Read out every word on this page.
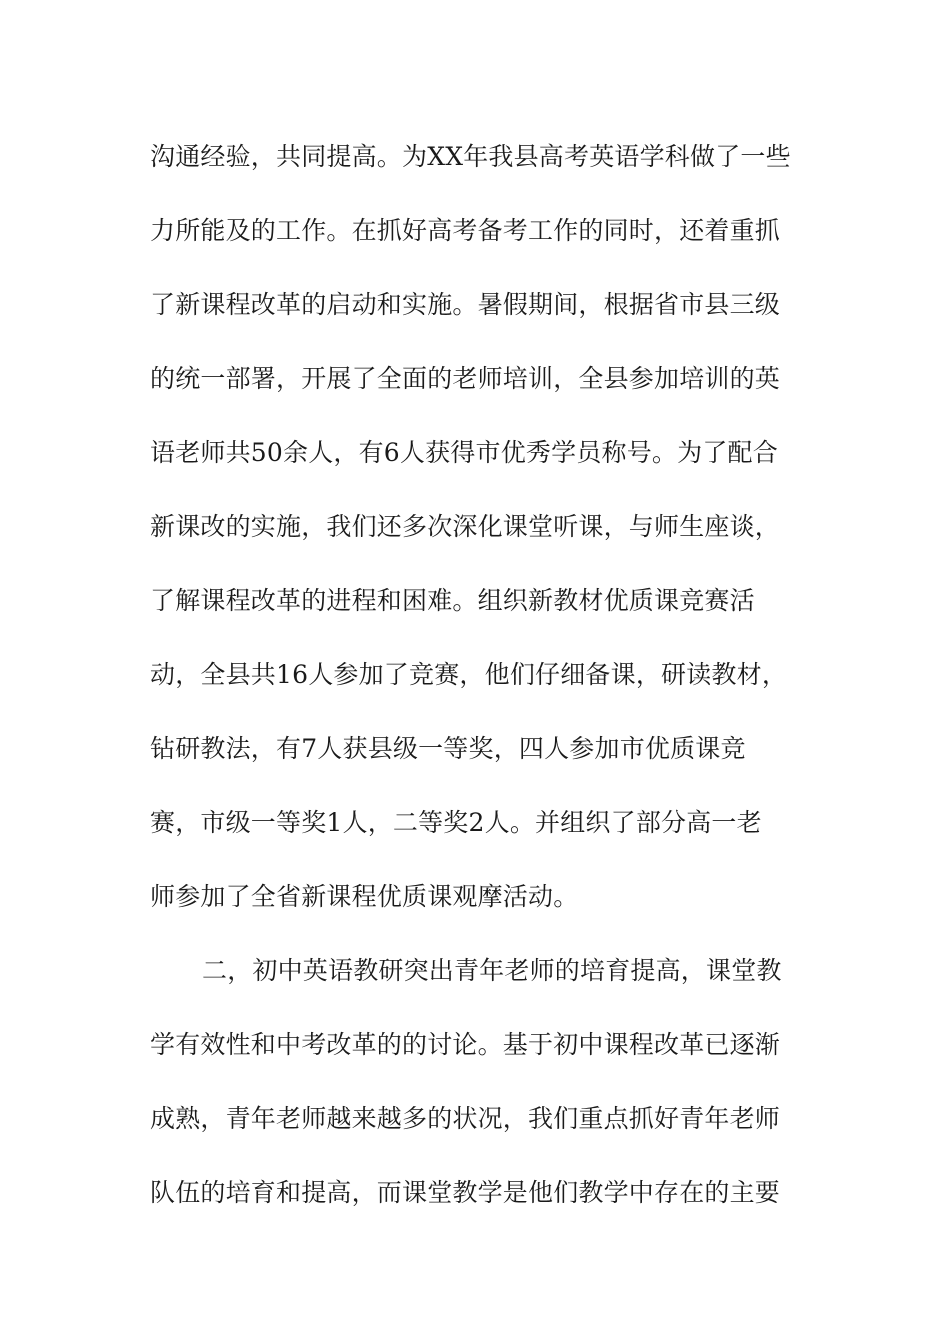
沟通经验，共同提高。为XX年我县高考英语学科做了一些
力所能及的工作。在抓好高考备考工作的同时，还着重抓
了新课程改革的启动和实施。暑假期间，根据省市县三级
的统一部署，开展了全面的老师培训，全县参加培训的英
语老师共50余人，有6人获得市优秀学员称号。为了配合
新课改的实施，我们还多次深化课堂听课，与师生座谈，
了解课程改革的进程和困难。组织新教材优质课竞赛活
动，全县共16人参加了竞赛，他们仔细备课，研读教材，
钻研教法，有7人获县级一等奖，四人参加市优质课竞
赛，市级一等奖1人，二等奖2人。并组织了部分高一老
师参加了全省新课程优质课观摩活动。
二，初中英语教研突出青年老师的培育提高，课堂教
学有效性和中考改革的的讨论。基于初中课程改革已逐渐
成熟，青年老师越来越多的状况，我们重点抓好青年老师
队伍的培育和提高，而课堂教学是他们教学中存在的主要
